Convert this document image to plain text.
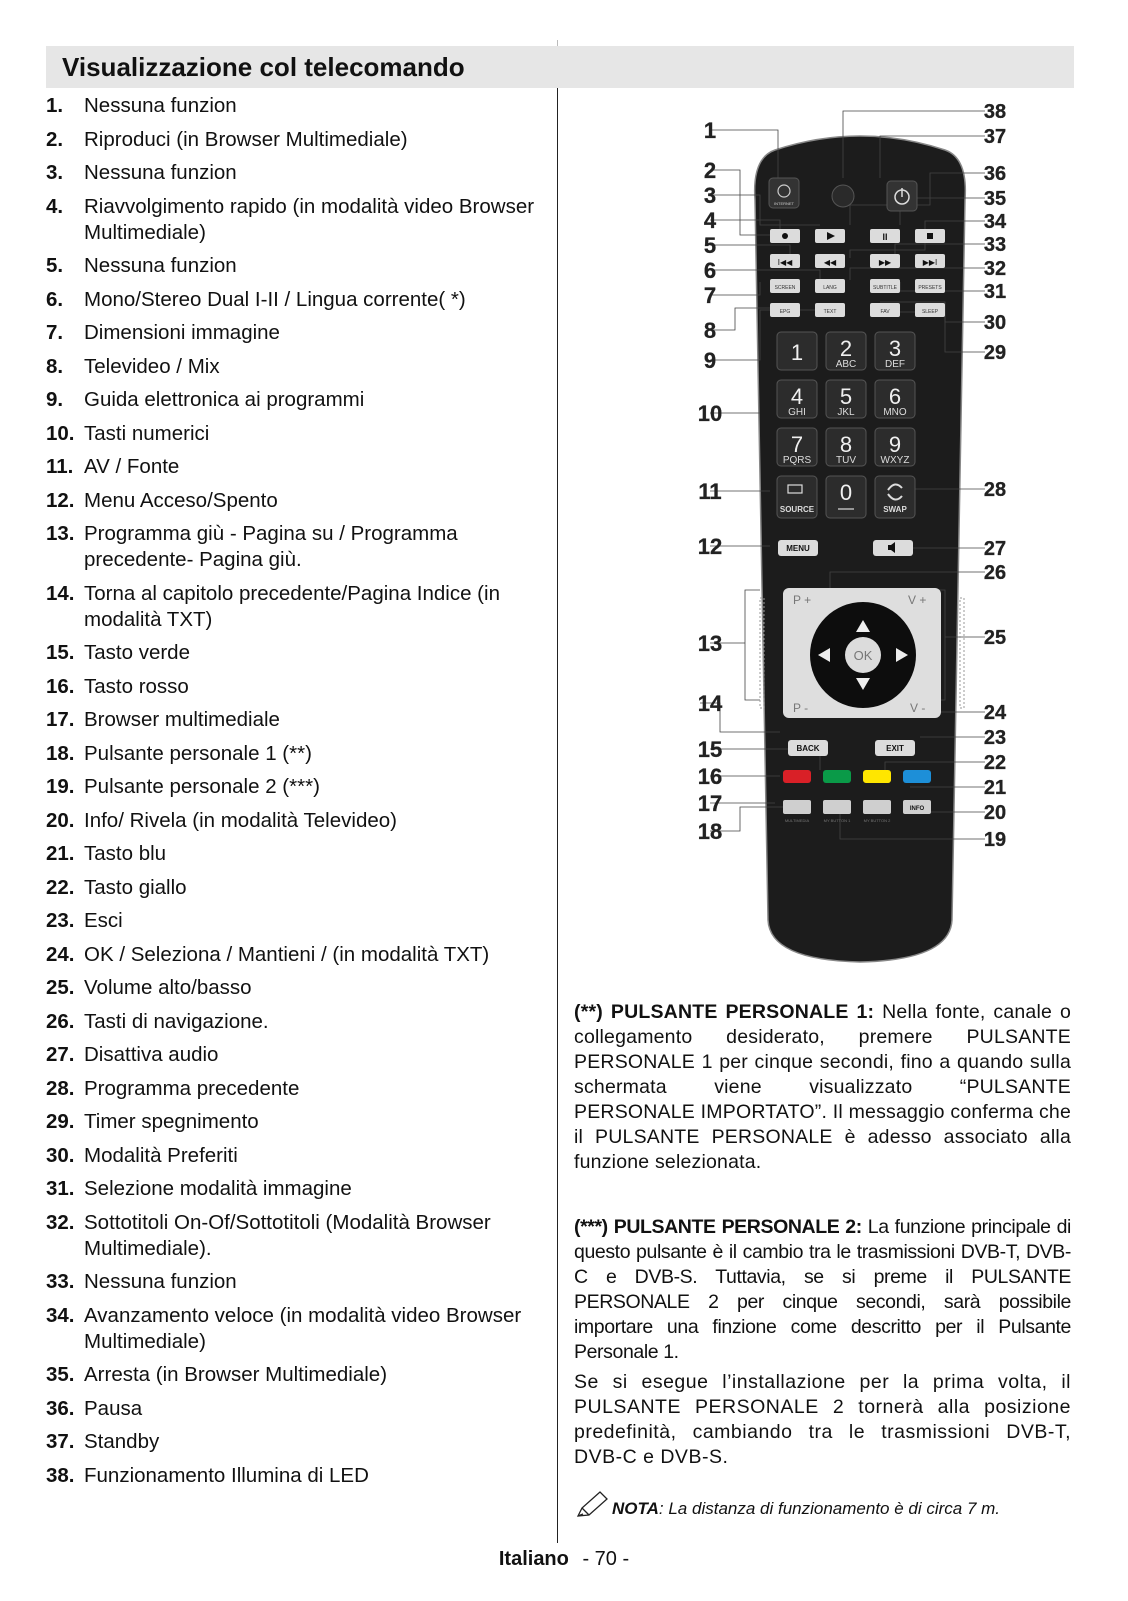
Visualizzazione col telecomando
1.	Nessuna funzion
2.	Riproduci (in Browser Multimediale)
3.	Nessuna funzion
4.	Riavvolgimento rapido (in modalità video Browser Multimediale)
5.	Nessuna funzion
6.	Mono/Stereo Dual I-II / Lingua corrente( *)
7.	Dimensioni immagine
8.	Televideo / Mix
9.	Guida elettronica ai programmi
10. Tasti numerici
11. AV / Fonte
12. Menu Acceso/Spento
13. Programma giù - Pagina su / Programma precedente- Pagina giù.
14. Torna al capitolo precedente/Pagina Indice (in modalità TXT)
15. Tasto verde
16. Tasto rosso
17. Browser multimediale
18. Pulsante personale 1 (**)
19. Pulsante personale 2 (***)
20. Info/ Rivela (in modalità Televideo)
21. Tasto blu
22. Tasto giallo
23. Esci
24. OK / Seleziona / Mantieni / (in modalità TXT)
25. Volume alto/basso
26. Tasti di navigazione.
27. Disattiva audio
28. Programma precedente
29. Timer spegnimento
30. Modalità Preferiti
31. Selezione modalità immagine
32. Sottotitoli On-Of/Sottotitoli (Modalità Browser Multimediale).
33. Nessuna funzion
34. Avanzamento veloce (in modalità video Browser Multimediale)
35. Arresta (in Browser Multimediale)
36. Pausa
37. Standby
38. Funzionamento Illumina di LED
1
2
3
4
5
6
7
8
9
10
11
12
13
14
15
16
17
18
38
37
36
35
34
33
32
31
30
29
28
27
26
25
24
23
22
21
20
19
INTERNET
II
I◀◀	◀◀	▶▶	▶▶I
SCREEN	LANG	SUBTITLE	PRESETS
EPG	TEXT	FAV	SLEEP
1 2 3
4 5 6
7 8 9
0
ABC	DEF
GHI	JKL	MNO
PQRS TUV WXYZ
SOURCE	SWAP
MENU
P +	V +
P -	V -
OK
BACK	EXIT
INFO
MULTIMEDIA	MY BUTTON 1	MY BUTTON 2

(**) PULSANTE PERSONALE 1: Nella fonte, canale o collegamento desiderato, premere PULSANTE PERSONALE 1 per cinque secondi, fino a quando sulla schermata viene visualizzato “PULSANTE PERSONALE IMPORTATO”. Il messaggio conferma che il PULSANTE PERSONALE è adesso associato alla funzione selezionata.

(***) PULSANTE PERSONALE 2: La funzione principale di questo pulsante è il cambio tra le trasmissioni DVB-T, DVB-C e DVB-S. Tuttavia, se si preme il PULSANTE PERSONALE 2 per cinque secondi, sarà possibile importare una finzione come descritto per il Pulsante Personale 1.

Se si esegue l’installazione per la prima volta, il PULSANTE PERSONALE 2 tornerà alla posizione predefinità, cambiando tra le trasmissioni DVB-T, DVB-C e DVB-S.

NOTA: La distanza di funzionamento è di circa 7 m.
Italiano - 70 -
